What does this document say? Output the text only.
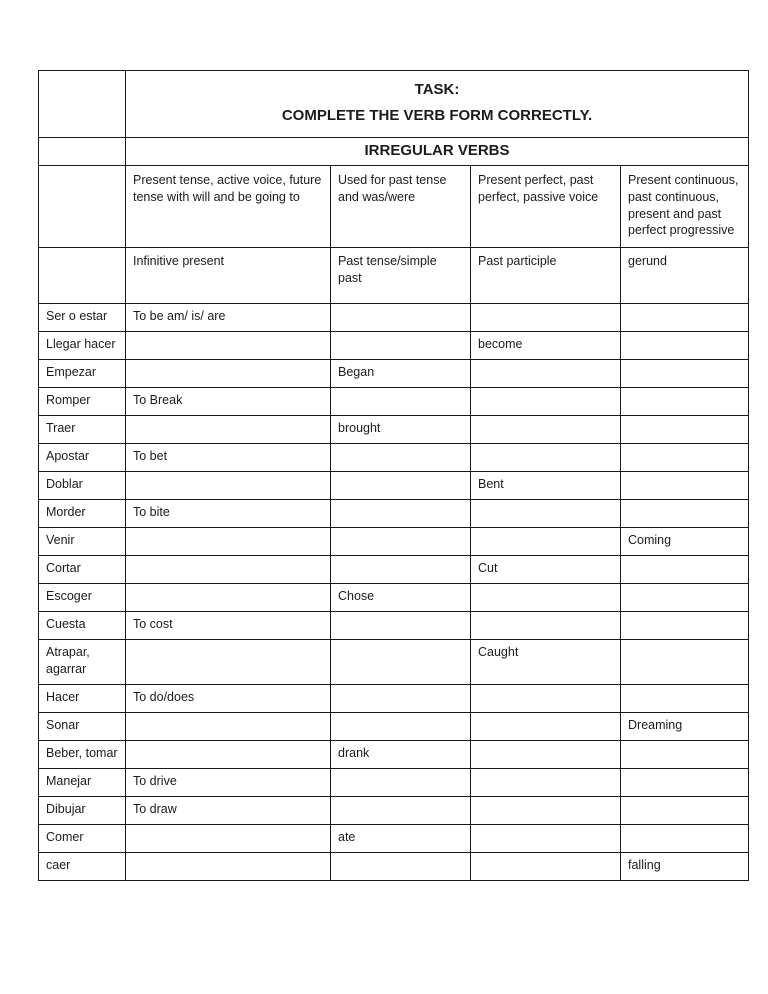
	TASK:
COMPLETE THE VERB FORM CORRECTLY.			

	IRREGULAR VERBS			
	Present tense, active voice, future tense with will and be going to	Used for past tense and was/were	Present perfect, past perfect, passive voice	Present continuous, past continuous, present and past perfect progressive
	Infinitive present	Past tense/simple past	Past participle	gerund
Ser o estar	To be am/ is/ are			
Llegar hacer			become	
Empezar		Began		
Romper	To Break			
Traer		brought		
Apostar	To bet			
Doblar			Bent	
Morder	To bite			
Venir				Coming
Cortar			Cut	
Escoger		Chose		
Cuesta	To cost			
Atrapar, agarrar			Caught	
Hacer	To do/does			
Sonar				Dreaming
Beber, tomar		drank		
Manejar	To drive			
Dibujar	To draw			
Comer		ate		
caer				falling
